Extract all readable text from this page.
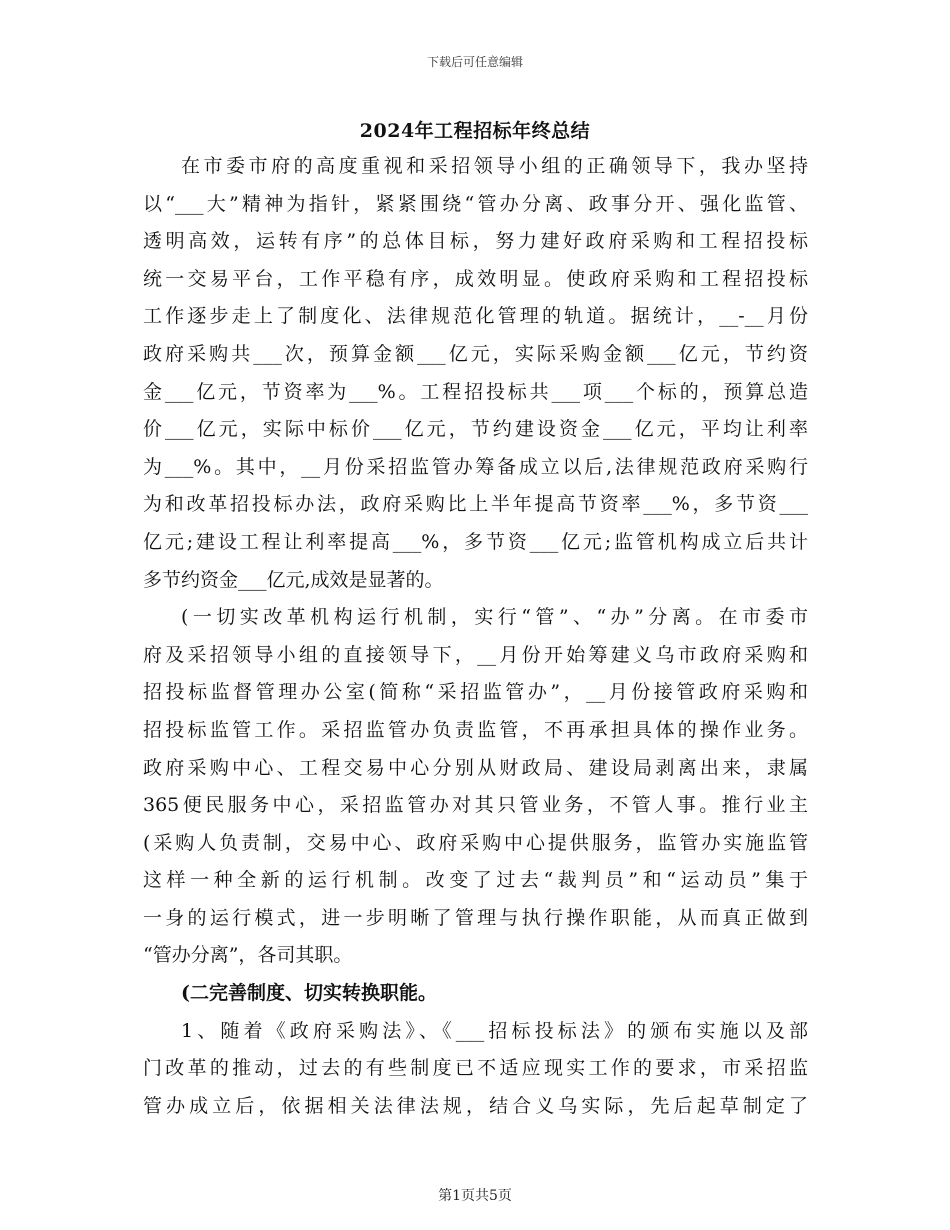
下载后可任意编辑
2024年工程招标年终总结
在市委市府的高度重视和采招领导小组的正确领导下，我办坚持
以“___大”精神为指针，紧紧围绕“管办分离、政事分开、强化监管、
透明高效，运转有序”的总体目标，努力建好政府采购和工程招投标
统一交易平台，工作平稳有序，成效明显。使政府采购和工程招投标
工作逐步走上了制度化、法律规范化管理的轨道。据统计，__-__月份
政府采购共___次，预算金额___亿元，实际采购金额___亿元，节约资
金___亿元，节资率为___%。工程招投标共___项___个标的，预算总造
价___亿元，实际中标价___亿元，节约建设资金___亿元，平均让利率
为___%。其中，__月份采招监管办筹备成立以后,法律规范政府采购行
为和改革招投标办法，政府采购比上半年提高节资率___%，多节资___
亿元;建设工程让利率提高___%，多节资___亿元;监管机构成立后共计
多节约资金___亿元,成效是显著的。
(一切实改革机构运行机制，实行“管”、“办”分离。在市委市
府及采招领导小组的直接领导下，__月份开始筹建义乌市政府采购和
招投标监督管理办公室(简称“采招监管办”，__月份接管政府采购和
招投标监管工作。采招监管办负责监管，不再承担具体的操作业务。
政府采购中心、工程交易中心分别从财政局、建设局剥离出来，隶属
365便民服务中心，采招监管办对其只管业务，不管人事。推行业主
(采购人负责制，交易中心、政府采购中心提供服务，监管办实施监管
这样一种全新的运行机制。改变了过去“裁判员”和“运动员”集于
一身的运行模式，进一步明晰了管理与执行操作职能，从而真正做到
“管办分离”，各司其职。
(二完善制度、切实转换职能。
1、随着《政府采购法》、《___招标投标法》的颁布实施以及部
门改革的推动，过去的有些制度已不适应现实工作的要求，市采招监
管办成立后，依据相关法律法规，结合义乌实际，先后起草制定了
第1页共5页
